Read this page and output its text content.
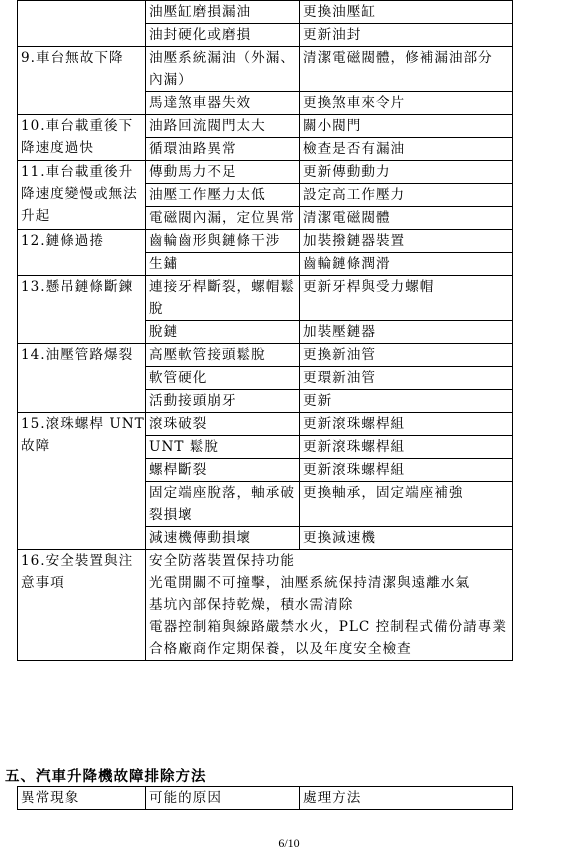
	油壓缸磨損漏油	更換油壓缸
	油封硬化或磨損	更新油封
9.車台無故下降	油壓系統漏油（外漏、內漏）	清潔電磁閥體，修補漏油部分
	馬達煞車器失效	更換煞車來令片
10.車台載重後下降速度過快	油路回流閥門太大	關小閥門
	循環油路異常	檢查是否有漏油
11.車台載重後升降速度變慢或無法升起	傳動馬力不足	更新傳動動力
	油壓工作壓力太低	設定高工作壓力
	電磁閥內漏，定位異常	清潔電磁閥體
12.鏈條過捲	齒輪齒形與鏈條干涉	加裝撥鏈器裝置
	生鏽	齒輪鏈條潤滑
13.懸吊鏈條斷鍊	連接牙桿斷裂，螺帽鬆脫	更新牙桿與受力螺帽
	脫鏈	加裝壓鏈器
14.油壓管路爆裂	高壓軟管接頭鬆脫	更換新油管
	軟管硬化	更環新油管
	活動接頭崩牙	更新
15.滾珠螺桿 UNT 故障	滾珠破裂	更新滾珠螺桿組
	UNT 鬆脫	更新滾珠螺桿組
	螺桿斷裂	更新滾珠螺桿組
	固定端座脫落，軸承破裂損壞	更換軸承，固定端座補強
	減速機傳動損壞	更換減速機
16.安全裝置與注意事項	安全防落裝置保持功能
光電開關不可撞擊，油壓系統保持清潔與遠離水氣
基坑內部保持乾燥，積水需清除
電器控制箱與線路嚴禁水火，PLC 控制程式備份請專業合格廠商作定期保養，以及年度安全檢查	
五、汽車升降機故障排除方法
異常現象	可能的原因	處理方法
6/10
